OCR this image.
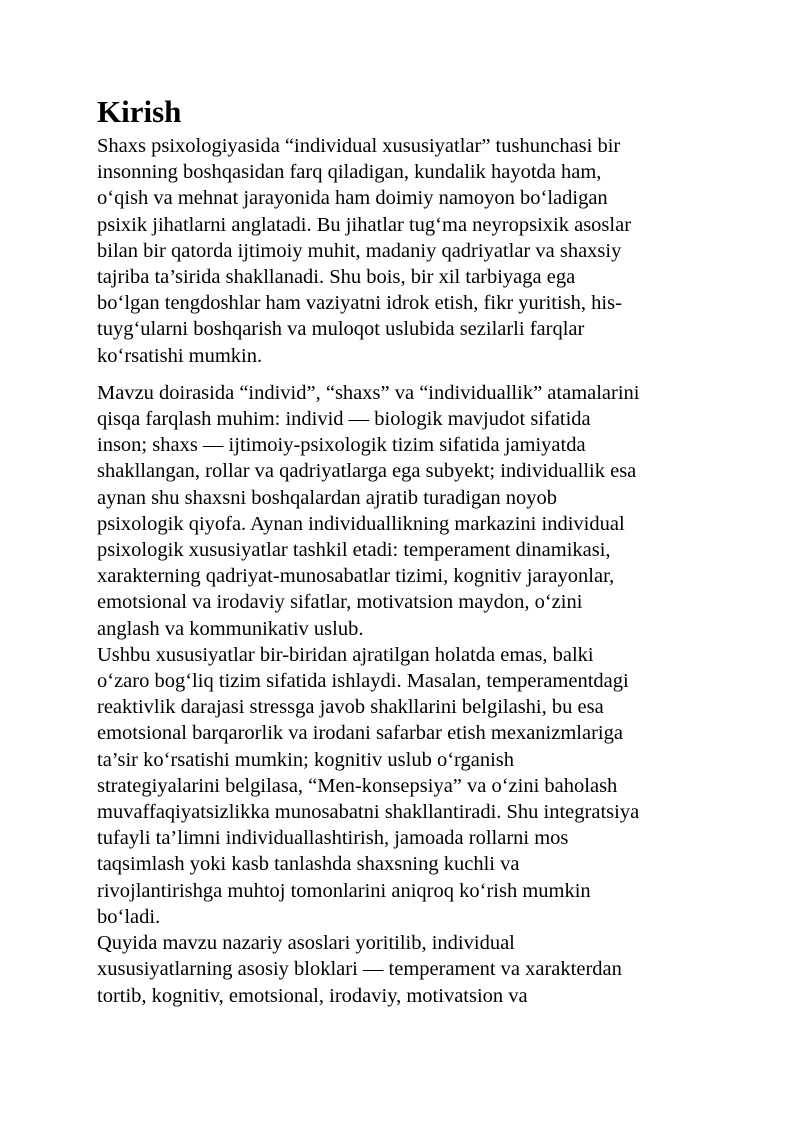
Kirish

Shaxs psixologiyasida “individual xususiyatlar” tushunchasi bir
insonning boshqasidan farq qiladigan, kundalik hayotda ham,
o‘qish va mehnat jarayonida ham doimiy namoyon bo‘ladigan
psixik jihatlarni anglatadi. Bu jihatlar tug‘ma neyropsixik asoslar
bilan bir qatorda ijtimoiy muhit, madaniy qadriyatlar va shaxsiy
tajriba ta’sirida shakllanadi. Shu bois, bir xil tarbiyaga ega
bo‘lgan tengdoshlar ham vaziyatni idrok etish, fikr yuritish, his-
tuyg‘ularni boshqarish va muloqot uslubida sezilarli farqlar
ko‘rsatishi mumkin.

Mavzu doirasida “individ”, “shaxs” va “individuallik” atamalarini
qisqa farqlash muhim: individ — biologik mavjudot sifatida
inson; shaxs — ijtimoiy-psixologik tizim sifatida jamiyatda
shakllangan, rollar va qadriyatlarga ega subyekt; individuallik esa
aynan shu shaxsni boshqalardan ajratib turadigan noyob
psixologik qiyofa. Aynan individuallikning markazini individual
psixologik xususiyatlar tashkil etadi: temperament dinamikasi,
xarakterning qadriyat-munosabatlar tizimi, kognitiv jarayonlar,
emotsional va irodaviy sifatlar, motivatsion maydon, o‘zini
anglash va kommunikativ uslub.

Ushbu xususiyatlar bir-biridan ajratilgan holatda emas, balki
o‘zaro bog‘liq tizim sifatida ishlaydi. Masalan, temperamentdagi
reaktivlik darajasi stressga javob shakllarini belgilashi, bu esa
emotsional barqarorlik va irodani safarbar etish mexanizmlariga
ta’sir ko‘rsatishi mumkin; kognitiv uslub o‘rganish
strategiyalarini belgilasa, “Men-konsepsiya” va o‘zini baholash
muvaffaqiyatsizlikka munosabatni shakllantiradi. Shu integratsiya
tufayli ta’limni individuallashtirish, jamoada rollarni mos
taqsimlash yoki kasb tanlashda shaxsning kuchli va
rivojlantirishga muhtoj tomonlarini aniqroq ko‘rish mumkin
bo‘ladi.

Quyida mavzu nazariy asoslari yoritilib, individual
xususiyatlarning asosiy bloklari — temperament va xarakterdan
tortib, kognitiv, emotsional, irodaviy, motivatsion va
